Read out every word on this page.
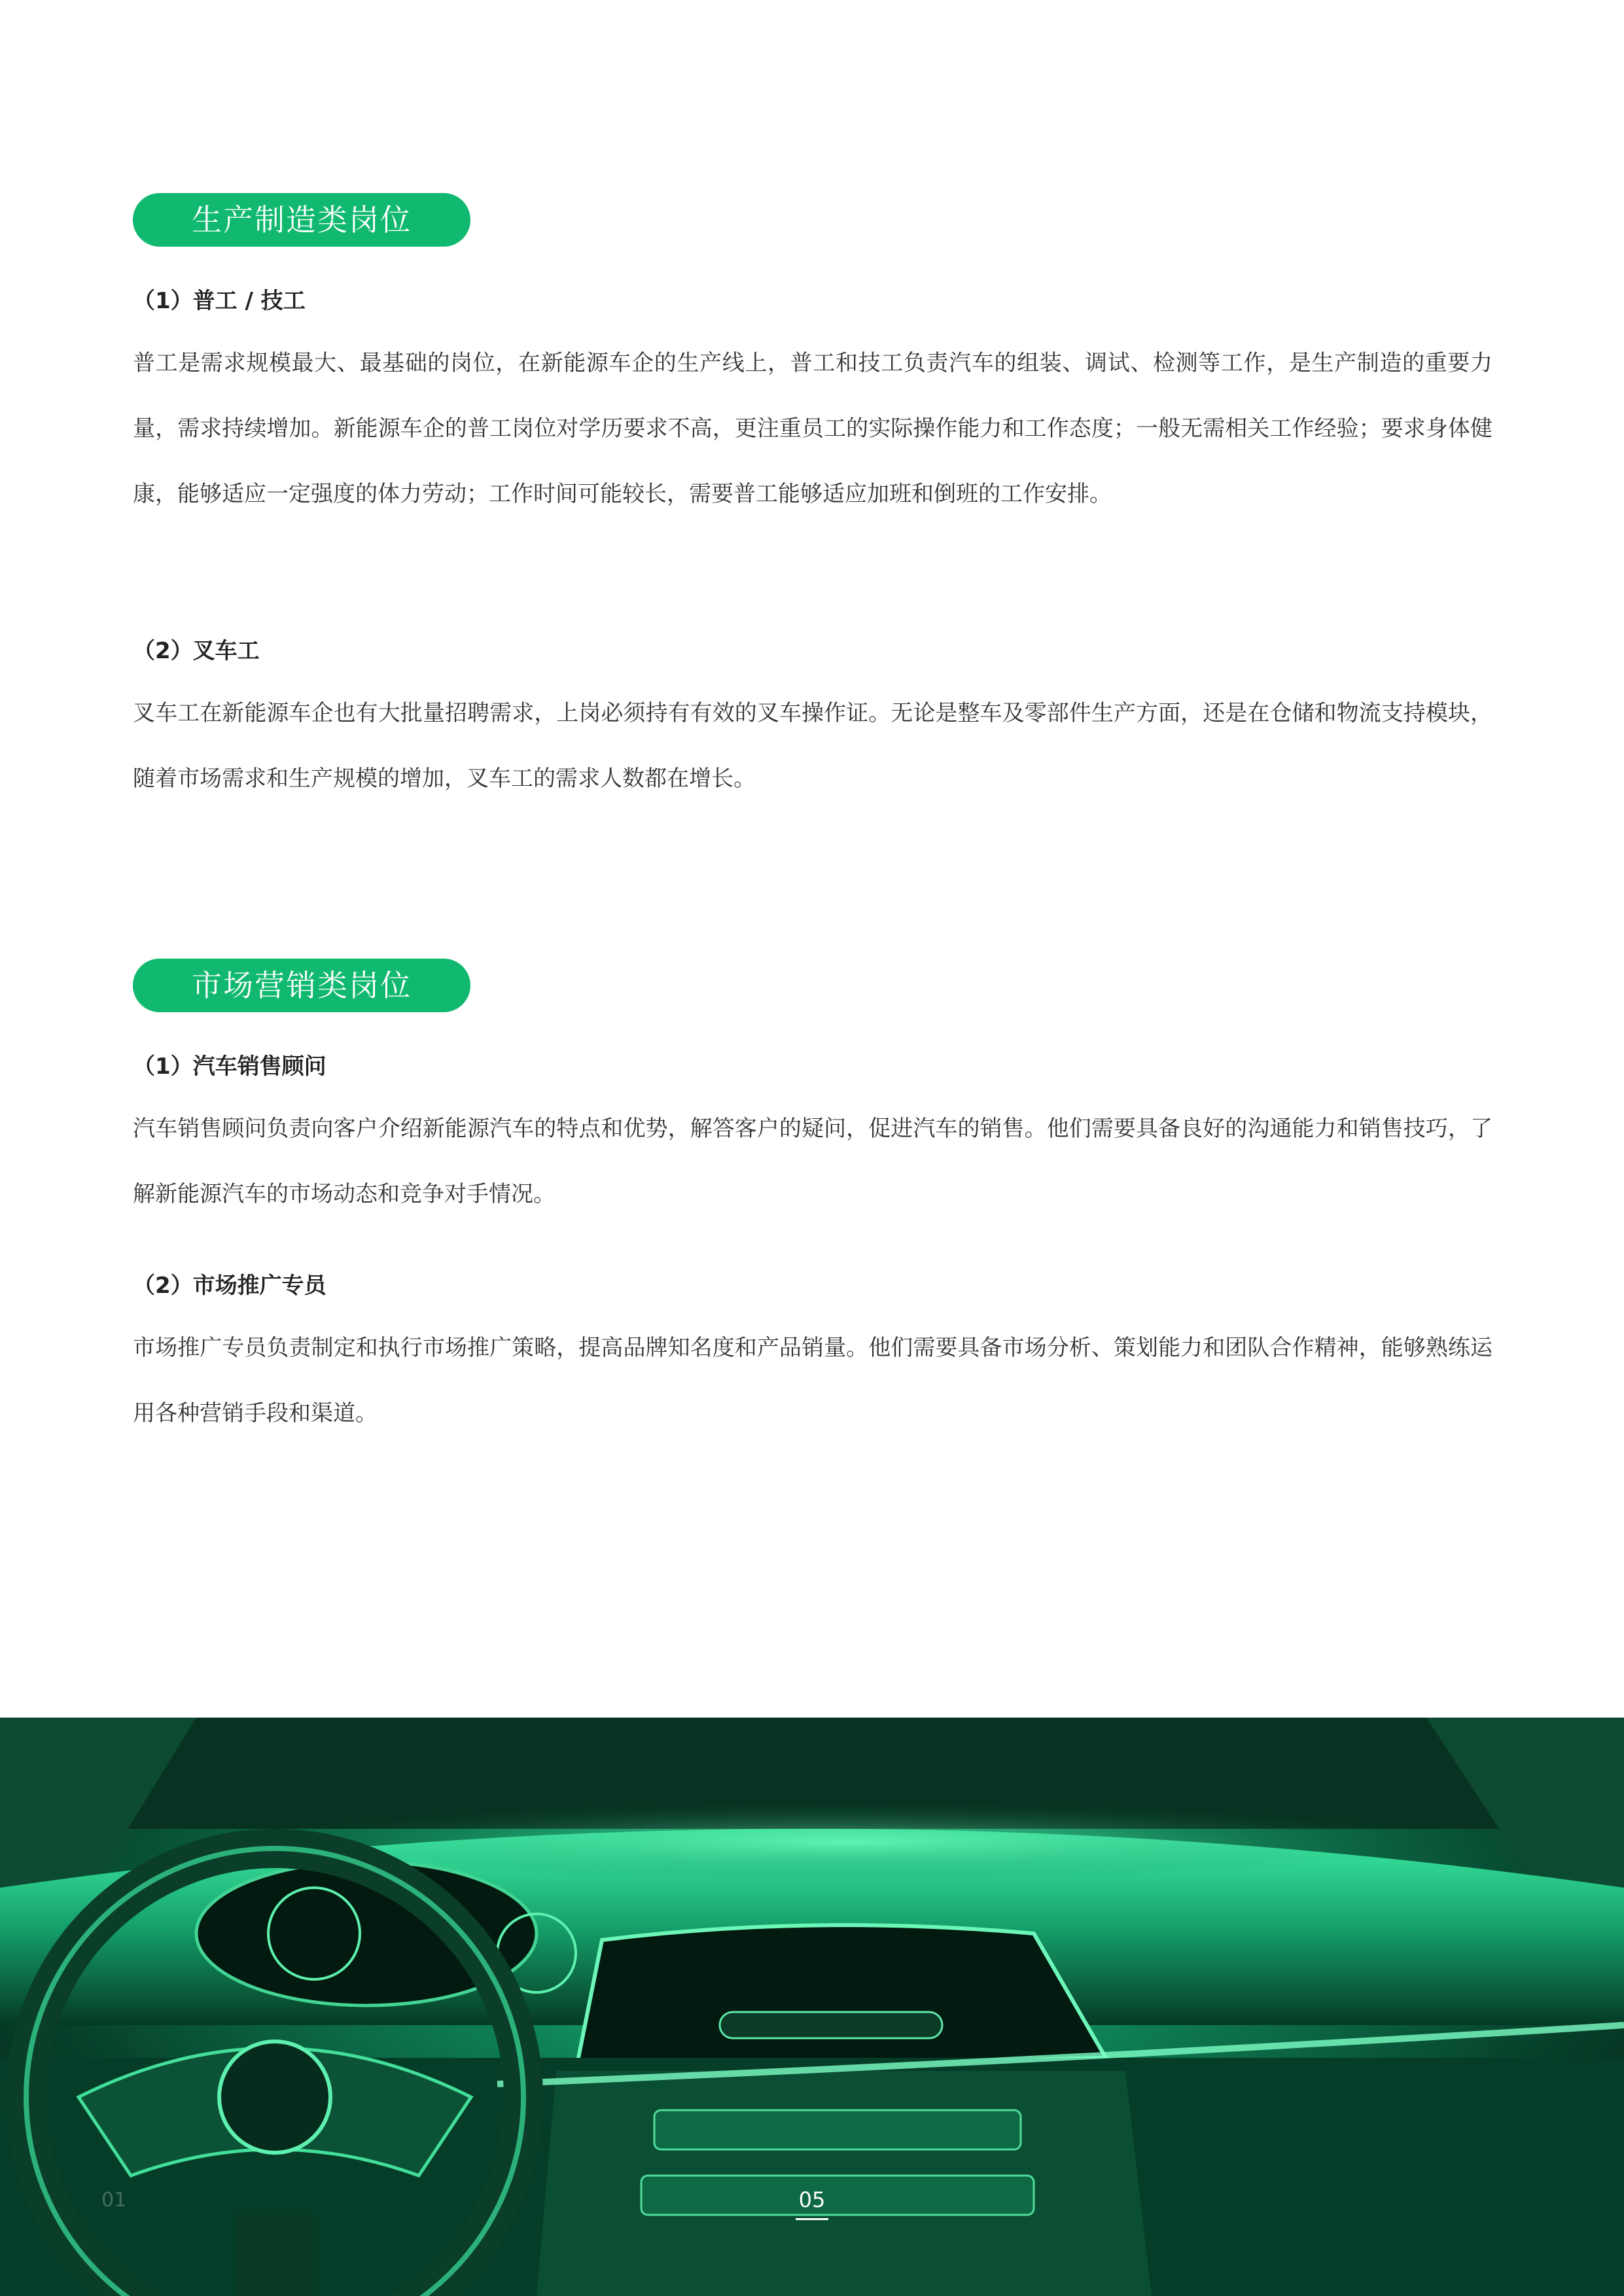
生产制造类岗位

（1）普工 / 技工

普工是需求规模最大、最基础的岗位，在新能源车企的生产线上，普工和技工负责汽车的组装、调试、检测等工作，是生产制造的重要力量，需求持续增加。新能源车企的普工岗位对学历要求不高，更注重员工的实际操作能力和工作态度；一般无需相关工作经验；要求身体健康，能够适应一定强度的体力劳动；工作时间可能较长，需要普工能够适应加班和倒班的工作安排。

（2）叉车工

叉车工在新能源车企也有大批量招聘需求，上岗必须持有有效的叉车操作证。无论是整车及零部件生产方面，还是在仓储和物流支持模块，随着市场需求和生产规模的增加，叉车工的需求人数都在增长。

市场营销类岗位

（1）汽车销售顾问

汽车销售顾问负责向客户介绍新能源汽车的特点和优势，解答客户的疑问，促进汽车的销售。他们需要具备良好的沟通能力和销售技巧，了解新能源汽车的市场动态和竞争对手情况。

（2）市场推广专员

市场推广专员负责制定和执行市场推广策略，提高品牌知名度和产品销量。他们需要具备市场分析、策划能力和团队合作精神，能够熟练运用各种营销手段和渠道。

01	05
